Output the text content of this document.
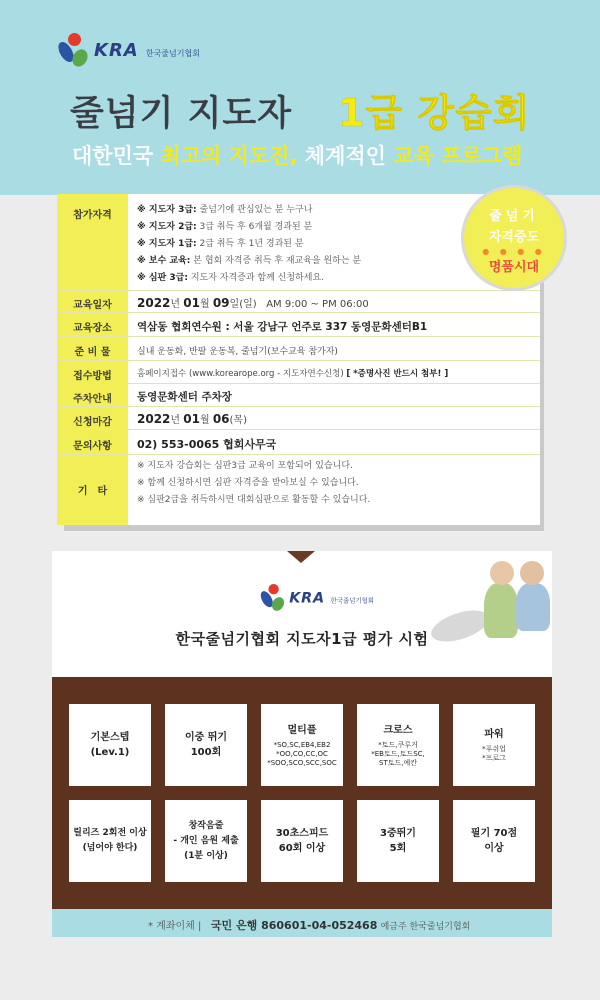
KRA 한국줄넘기협회
줄넘기 지도자 1급 강습회
대한민국 최고의 지도진, 체계적인 교육 프로그램
참가자격	※ 지도자 3급: 줄넘기에 관심있는 분 누구나
※ 지도자 2급: 3급 취득 후 6개월 경과된 분
※ 지도자 1급: 2급 취득 후 1년 경과된 분
※ 보수 교육: 본 협회 자격증 취득 후 재교육을 원하는 분
※ 심판 3급: 지도자 자격증과 함께 신청하세요.
교육일자	2022년 01월 09일(일) AM 9:00 ~ PM 06:00
교육장소	역삼동 협회연수원 : 서울 강남구 언주로 337 동영문화센터B1
준 비 물	실내 운동화, 반팔 운동복, 줄넘기(보수교육 참가자)
접수방법	홈페이지접수 (www.korearope.org - 지도자연수신청) [ *증명사진 반드시 첨부! ]
주차안내	동영문화센터 주차장
신청마감	2022년 01월 06(목)
문의사항	02) 553-0065 협회사무국
기　타
※ 지도자 강습회는 심판3급 교육이 포함되어 있습니다.
※ 함께 신청하시면 심판 자격증을 받아보실 수 있습니다.
※ 심판2급을 취득하시면 대회심판으로 활동할 수 있습니다.
줄넘기
자격증도
● ● ● ●
명품시대
KRA 한국줄넘기협회
한국줄넘기협회 지도자1급 평가 시험
기본스텝
(Lev.1)
이중 뛰기
100회
멀티플
*SO,SC,EB4,EB2
*OO,CO,CC,OC
*SOO,SCO,SCC,SOC
크로스
*토드,쿠루거
*EB토드,토드SC,
ST토드,예칸
파워
*푸쉬업
*프로그
릴리즈 2회전 이상
(넘어야 한다)
창작음줄
- 개인 음원 제출
(1분 이상)
30초스피드
60회 이상
3중뛰기
5회
필기 70점
이상
* 계좌이체 | 국민 은행 860601-04-052468 예금주 한국줄넘기협회
